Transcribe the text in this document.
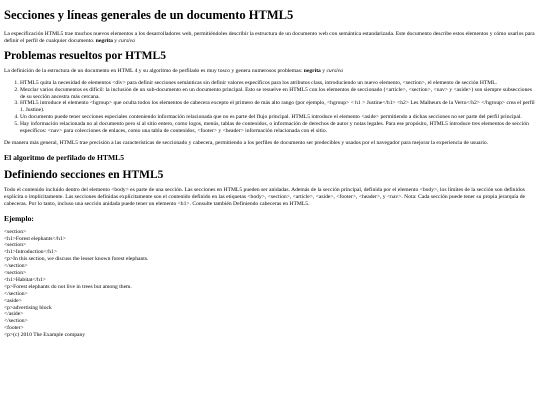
Secciones y líneas generales de un documento HTML5

La especificación HTML5 trae muchos nuevos elementos a los desarrolladores web, permitiéndoles describir la estructura de un documento web con semántica estandarizada. Este documento describe estos elementos y cómo usarlos para definir el perfil de cualquier documento. negrita y cursiva

Problemas resueltos por HTML5

La definición de la estructura de un documento en HTML 4 y su algoritmo de perfilado es muy tosco y genera numerosos problemas: negrita y cursiva

1. HTML5 quita la necesidad de elementos <div> para definir secciones semánticas sin definir valores específicos para los atributos class, introduciendo un nuevo elemento, <section>, el elemento de sección HTML.
2. Mezclar varios documentos es difícil: la inclusión de un sub-documento en un documento principal. Esto se resuelve en HTML5 con los elementos de seccionado (<article>, <section>, <nav> y <aside>) son siempre subsecciones de su sección ancestra más cercana.
3. HTML5 introduce el elemento <hgroup> que oculta todos los elementos de cabecera excepto el primero de más alto rango (por ejemplo, <hgroup> < h1 > Justine</h1> <h2> Les Malheurs de la Vertu</h2> </hgroup> crea el perfil 1. Justine).
4. Un documento puede tener secciones especiales conteniendo información relacionada que no es parte del flujo principal. HTML5 introduce el elemento <aside> permitiendo a dichas secciones no ser parte del perfil principal.
5. Hay información relacionada no al documento pero sí al sitio entero, como logos, menús, tablas de contenidos, o información de derechos de autor y notas legales. Para ese propósito, HTML5 introduce tres elementos de sección específicos: <nav> para colecciones de enlaces, como una tabla de contenidos, <footer> y <header> información relacionada con el sitio.

De manera más general, HTML5 trae precisión a las características de seccionado y cabecera, permitiendo a los perfiles de documento ser predecibles y usados por el navegador para mejorar la experiencia de usuario.

El algoritmo de perfilado de HTML5
Definiendo secciones en HTML5

Todo el contenido incluido dentro del elemento <body> es parte de una sección. Las secciones en HTML5 pueden ser anidadas. Además de la sección principal, definida por el elemento <body>, los límites de la sección son definidos explícita o implícitamente. Las secciones definidas explícitamente son el contenido definido en las etiquetas <body>, <section>, <article>, <aside>, <footer>, <header>, y <nav>. Nota: Cada sección puede tener su propia jerarquía de cabeceras. Por lo tanto, incluso una sección anidada puede tener un elemento <h1>. Consulte también Definiendo cabeceras en HTML5.

Ejemplo:
<section>
<h1>Forest elephants</h1>
<section>
<h1>Introduction</h1>
<p>In this section, we discuss the lesser known forest elephants.
</section>
<section>
<h1>Habitat</h1>
<p>Forest elephants do not live in trees but among them.
</section>
<aside>
<p>advertising block
</aside>
</section>
<footer>
<p>(c) 2010 The Example company
